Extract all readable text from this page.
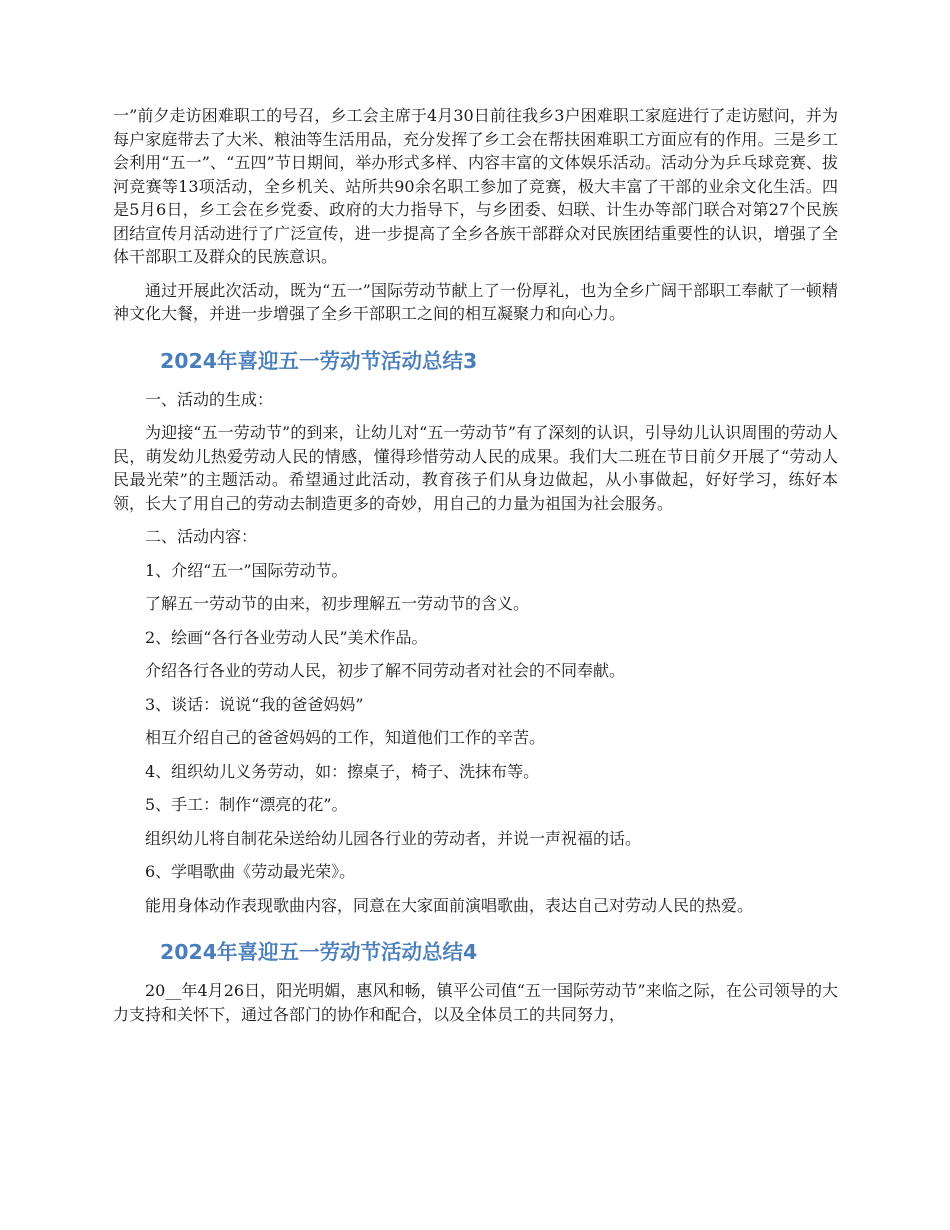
一”前夕走访困难职工的号召，乡工会主席于4月30日前往我乡3户困难职工家庭进行了走访慰问，并为每户家庭带去了大米、粮油等生活用品，充分发挥了乡工会在帮扶困难职工方面应有的作用。三是乡工会利用“五一”、“五四”节日期间，举办形式多样、内容丰富的文体娱乐活动。活动分为乒乓球竞赛、拔河竞赛等13项活动，全乡机关、站所共90余名职工参加了竞赛，极大丰富了干部的业余文化生活。四是5月6日，乡工会在乡党委、政府的大力指导下，与乡团委、妇联、计生办等部门联合对第27个民族团结宣传月活动进行了广泛宣传，进一步提高了全乡各族干部群众对民族团结重要性的认识，增强了全体干部职工及群众的民族意识。

通过开展此次活动，既为“五一”国际劳动节献上了一份厚礼，也为全乡广阔干部职工奉献了一顿精神文化大餐，并进一步增强了全乡干部职工之间的相互凝聚力和向心力。

2024年喜迎五一劳动节活动总结3

一、活动的生成：

为迎接“五一劳动节”的到来，让幼儿对“五一劳动节”有了深刻的认识，引导幼儿认识周围的劳动人民，萌发幼儿热爱劳动人民的情感，懂得珍惜劳动人民的成果。我们大二班在节日前夕开展了“劳动人民最光荣”的主题活动。希望通过此活动，教育孩子们从身边做起，从小事做起，好好学习，练好本领，长大了用自己的劳动去制造更多的奇妙，用自己的力量为祖国为社会服务。

二、活动内容：

1、介绍“五一”国际劳动节。

了解五一劳动节的由来，初步理解五一劳动节的含义。

2、绘画“各行各业劳动人民”美术作品。

介绍各行各业的劳动人民，初步了解不同劳动者对社会的不同奉献。

3、谈话：说说“我的爸爸妈妈”

相互介绍自己的爸爸妈妈的工作，知道他们工作的辛苦。

4、组织幼儿义务劳动，如：擦桌子，椅子、洗抹布等。

5、手工：制作“漂亮的花”。

组织幼儿将自制花朵送给幼儿园各行业的劳动者，并说一声祝福的话。

6、学唱歌曲《劳动最光荣》。

能用身体动作表现歌曲内容，同意在大家面前演唱歌曲，表达自己对劳动人民的热爱。

2024年喜迎五一劳动节活动总结4

20__年4月26日，阳光明媚，惠风和畅，镇平公司值“五一国际劳动节”来临之际，在公司领导的大力支持和关怀下，通过各部门的协作和配合，以及全体员工的共同努力，
